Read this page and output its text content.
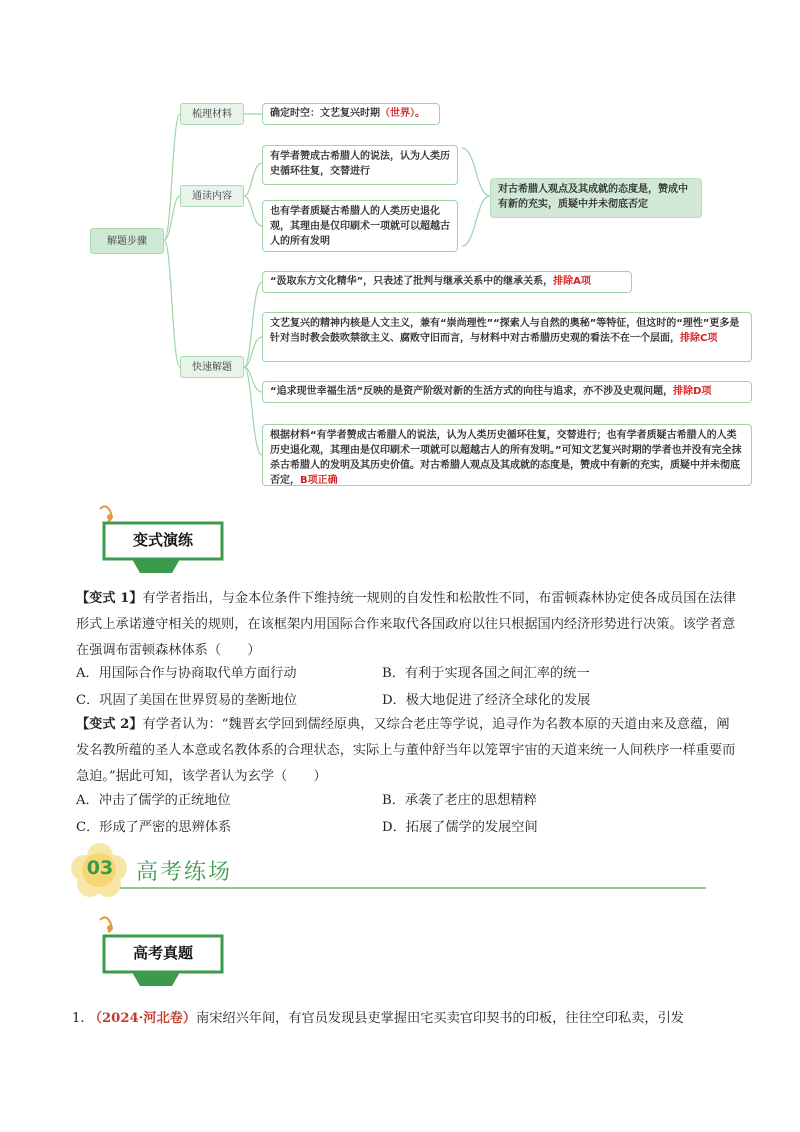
解题步骤
梳理材料	确定时空：文艺复兴时期（世界）。
通读内容
有学者赞成古希腊人的说法，认为人类历史循环往复，交替进行
也有学者质疑古希腊人的人类历史退化观，其理由是仅印刷术一项就可以超越古人的所有发明
对古希腊人观点及其成就的态度是，赞成中有新的充实，质疑中并未彻底否定
快速解题
“汲取东方文化精华”，只表述了批判与继承关系中的继承关系，排除A项
文艺复兴的精神内核是人文主义，兼有“崇尚理性”“探索人与自然的奥秘”等特征，但这时的“理性”更多是针对当时教会鼓吹禁欲主义、腐败守旧而言，与材料中对古希腊历史观的看法不在一个层面，排除C项
“追求现世幸福生活”反映的是资产阶级对新的生活方式的向往与追求，亦不涉及史观问题，排除D项
根据材料“有学者赞成古希腊人的说法，认为人类历史循环往复，交替进行；也有学者质疑古希腊人的人类历史退化观，其理由是仅印刷术一项就可以超越古人的所有发明。”可知文艺复兴时期的学者也并没有完全抹杀古希腊人的发明及其历史价值。对古希腊人观点及其成就的态度是，赞成中有新的充实，质疑中并未彻底否定，B项正确
变式演练
【变式 1】有学者指出，与金本位条件下维持统一规则的自发性和松散性不同，布雷顿森林协定使各成员国在法律形式上承诺遵守相关的规则，在该框架内用国际合作来取代各国政府以往只根据国内经济形势进行决策。该学者意在强调布雷顿森林体系（　　）
A．用国际合作与协商取代单方面行动	B．有利于实现各国之间汇率的统一
C．巩固了美国在世界贸易的垄断地位	D．极大地促进了经济全球化的发展
【变式 2】有学者认为：“魏晋玄学回到儒经原典，又综合老庄等学说，追寻作为名教本原的天道由来及意蕴，阐发名教所蕴的圣人本意或名教体系的合理状态，实际上与董仲舒当年以笼罩宇宙的天道来统一人间秩序一样重要而急迫。”据此可知，该学者认为玄学（　　）
A．冲击了儒学的正统地位	B．承袭了老庄的思想精粹
C．形成了严密的思辨体系	D．拓展了儒学的发展空间
03 高考练场
高考真题
1. （2024·河北卷）南宋绍兴年间，有官员发现县吏掌握田宅买卖官印契书的印板，往往空印私卖，引发
